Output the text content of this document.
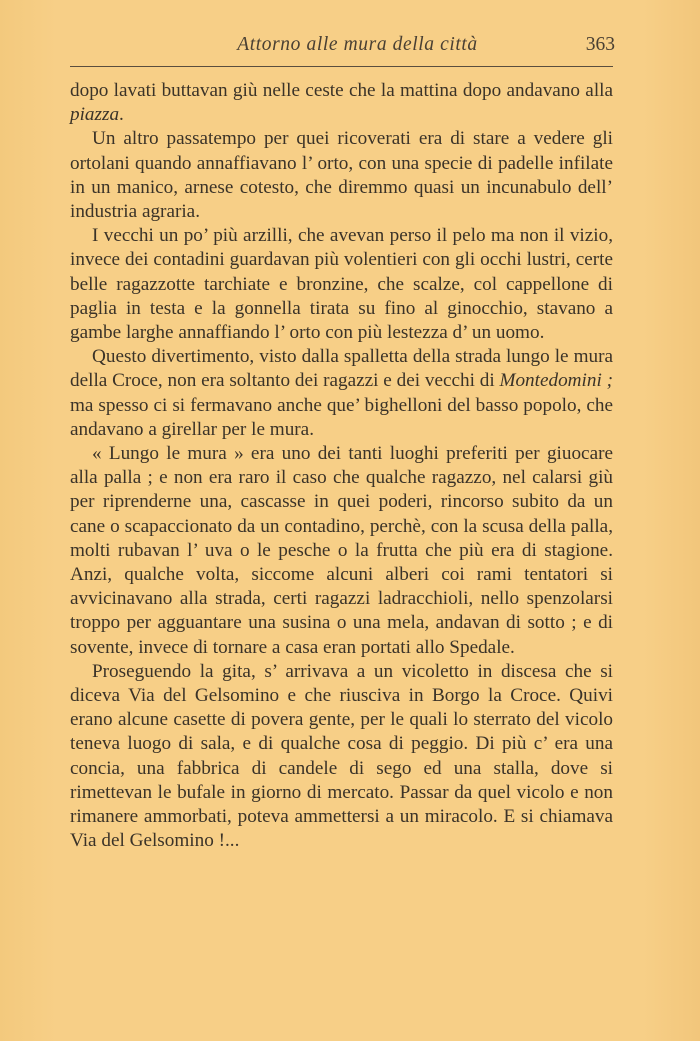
Attorno alle mura della città	363

dopo lavati buttavan giù nelle ceste che la mattina dopo andavano alla piazza.

Un altro passatempo per quei ricoverati era di stare a vedere gli ortolani quando annaffiavano l’ orto, con una specie di padelle infilate in un manico, arnese cotesto, che diremmo quasi un incunabulo dell’ industria agraria.

I vecchi un po’ più arzilli, che avevan perso il pelo ma non il vizio, invece dei contadini guardavan più volentieri con gli occhi lustri, certe belle ragazzotte tarchiate e bronzine, che scalze, col cappellone di paglia in testa e la gonnella tirata su fino al ginocchio, stavano a gambe larghe annaffiando l’ orto con più lestezza d’ un uomo.

Questo divertimento, visto dalla spalletta della strada lungo le mura della Croce, non era soltanto dei ragazzi e dei vecchi di Montedomini ; ma spesso ci si fermavano anche que’ bighelloni del basso popolo, che andavano a girellar per le mura.

« Lungo le mura » era uno dei tanti luoghi preferiti per giuocare alla palla ; e non era raro il caso che qualche ragazzo, nel calarsi giù per riprenderne una, cascasse in quei poderi, rincorso subito da un cane o scapaccionato da un contadino, perchè, con la scusa della palla, molti rubavan l’ uva o le pesche o la frutta che più era di stagione. Anzi, qualche volta, siccome alcuni alberi coi rami tentatori si avvicinavano alla strada, certi ragazzi ladracchioli, nello spenzolarsi troppo per agguantare una susina o una mela, andavan di sotto ; e di sovente, invece di tornare a casa eran portati allo Spedale.

Proseguendo la gita, s’ arrivava a un vicoletto in discesa che si diceva Via del Gelsomino e che riusciva in Borgo la Croce. Quivi erano alcune casette di povera gente, per le quali lo sterrato del vicolo teneva luogo di sala, e di qualche cosa di peggio. Di più c’ era una concia, una fabbrica di candele di sego ed una stalla, dove si rimettevan le bufale in giorno di mercato. Passar da quel vicolo e non rimanere ammorbati, poteva ammettersi a un miracolo. E si chiamava Via del Gelsomino !...
